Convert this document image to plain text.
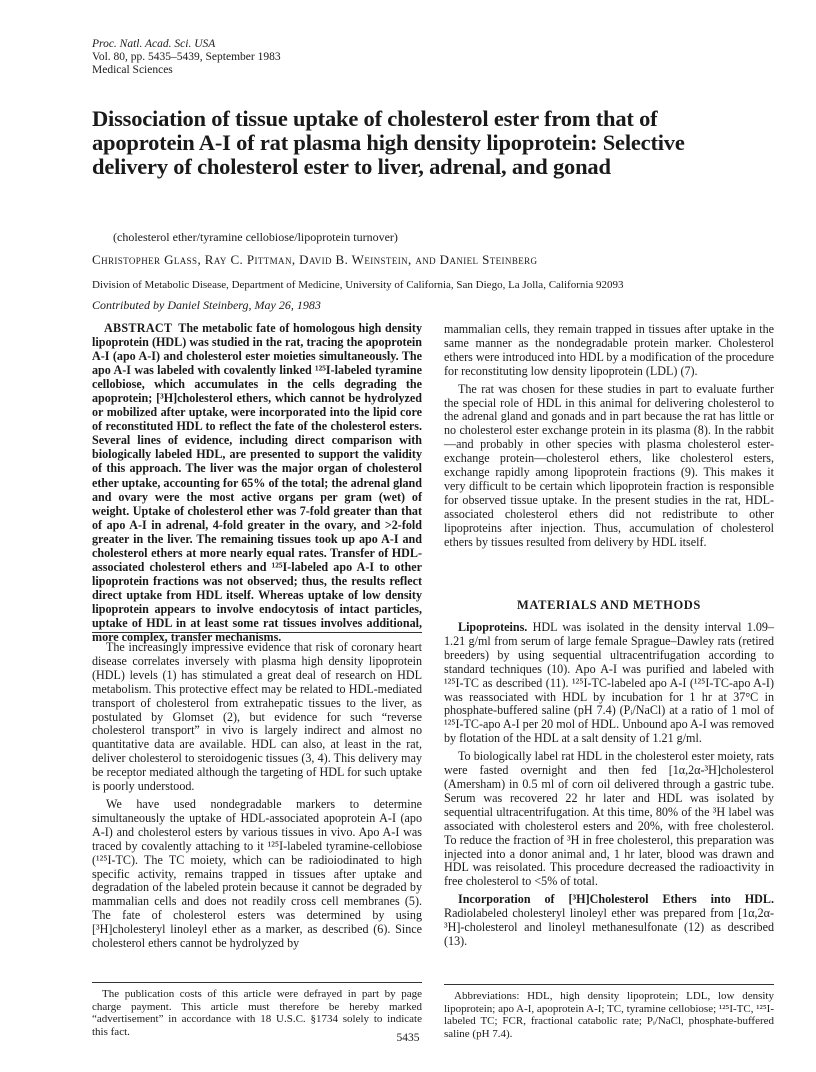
Proc. Natl. Acad. Sci. USA
Vol. 80, pp. 5435–5439, September 1983
Medical Sciences
Dissociation of tissue uptake of cholesterol ester from that of apoprotein A-I of rat plasma high density lipoprotein: Selective delivery of cholesterol ester to liver, adrenal, and gonad
(cholesterol ether/tyramine cellobiose/lipoprotein turnover)
Christopher Glass, Ray C. Pittman, David B. Weinstein, and Daniel Steinberg
Division of Metabolic Disease, Department of Medicine, University of California, San Diego, La Jolla, California 92093
Contributed by Daniel Steinberg, May 26, 1983

ABSTRACT The metabolic fate of homologous high density lipoprotein (HDL) was studied in the rat, tracing the apoprotein A-I (apo A-I) and cholesterol ester moieties simultaneously. The apo A-I was labeled with covalently linked ¹²⁵I-labeled tyramine cellobiose, which accumulates in the cells degrading the apoprotein; [³H]cholesterol ethers, which cannot be hydrolyzed or mobilized after uptake, were incorporated into the lipid core of reconstituted HDL to reflect the fate of the cholesterol esters. Several lines of evidence, including direct comparison with biologically labeled HDL, are presented to support the validity of this approach. The liver was the major organ of cholesterol ether uptake, accounting for 65% of the total; the adrenal gland and ovary were the most active organs per gram (wet) of weight. Uptake of cholesterol ether was 7-fold greater than that of apo A-I in adrenal, 4-fold greater in the ovary, and >2-fold greater in the liver. The remaining tissues took up apo A-I and cholesterol ethers at more nearly equal rates. Transfer of HDL-associated cholesterol ethers and ¹²⁵I-labeled apo A-I to other lipoprotein fractions was not observed; thus, the results reflect direct uptake from HDL itself. Whereas uptake of low density lipoprotein appears to involve endocytosis of intact particles, uptake of HDL in at least some rat tissues involves additional, more complex, transfer mechanisms.

The increasingly impressive evidence that risk of coronary heart disease correlates inversely with plasma high density lipoprotein (HDL) levels (1) has stimulated a great deal of research on HDL metabolism. This protective effect may be related to HDL-mediated transport of cholesterol from extrahepatic tissues to the liver, as postulated by Glomset (2), but evidence for such “reverse cholesterol transport” in vivo is largely indirect and almost no quantitative data are available. HDL can also, at least in the rat, deliver cholesterol to steroidogenic tissues (3, 4). This delivery may be receptor mediated although the targeting of HDL for such uptake is poorly understood.

We have used nondegradable markers to determine simultaneously the uptake of HDL-associated apoprotein A-I (apo A-I) and cholesterol esters by various tissues in vivo. Apo A-I was traced by covalently attaching to it ¹²⁵I-labeled tyramine-cellobiose (¹²⁵I-TC). The TC moiety, which can be radioiodinated to high specific activity, remains trapped in tissues after uptake and degradation of the labeled protein because it cannot be degraded by mammalian cells and does not readily cross cell membranes (5). The fate of cholesterol esters was determined by using [³H]cholesteryl linoleyl ether as a marker, as described (6). Since cholesterol ethers cannot be hydrolyzed by

mammalian cells, they remain trapped in tissues after uptake in the same manner as the nondegradable protein marker. Cholesterol ethers were introduced into HDL by a modification of the procedure for reconstituting low density lipoprotein (LDL) (7).

The rat was chosen for these studies in part to evaluate further the special role of HDL in this animal for delivering cholesterol to the adrenal gland and gonads and in part because the rat has little or no cholesterol ester exchange protein in its plasma (8). In the rabbit—and probably in other species with plasma cholesterol ester-exchange protein—cholesterol ethers, like cholesterol esters, exchange rapidly among lipoprotein fractions (9). This makes it very difficult to be certain which lipoprotein fraction is responsible for observed tissue uptake. In the present studies in the rat, HDL-associated cholesterol ethers did not redistribute to other lipoproteins after injection. Thus, accumulation of cholesterol ethers by tissues resulted from delivery by HDL itself.

MATERIALS AND METHODS

Lipoproteins. HDL was isolated in the density interval 1.09–1.21 g/ml from serum of large female Sprague–Dawley rats (retired breeders) by using sequential ultracentrifugation according to standard techniques (10). Apo A-I was purified and labeled with ¹²⁵I-TC as described (11). ¹²⁵I-TC-labeled apo A-I (¹²⁵I-TC-apo A-I) was reassociated with HDL by incubation for 1 hr at 37°C in phosphate-buffered saline (pH 7.4) (Pᵢ/NaCl) at a ratio of 1 mol of ¹²⁵I-TC-apo A-I per 20 mol of HDL. Unbound apo A-I was removed by flotation of the HDL at a salt density of 1.21 g/ml.

To biologically label rat HDL in the cholesterol ester moiety, rats were fasted overnight and then fed [1α,2α-³H]cholesterol (Amersham) in 0.5 ml of corn oil delivered through a gastric tube. Serum was recovered 22 hr later and HDL was isolated by sequential ultracentrifugation. At this time, 80% of the ³H label was associated with cholesterol esters and 20%, with free cholesterol. To reduce the fraction of ³H in free cholesterol, this preparation was injected into a donor animal and, 1 hr later, blood was drawn and HDL was reisolated. This procedure decreased the radioactivity in free cholesterol to <5% of total.

Incorporation of [³H]Cholesterol Ethers into HDL. Radiolabeled cholesteryl linoleyl ether was prepared from [1α,2α-³H]-cholesterol and linoleyl methanesulfonate (12) as described (13).

The publication costs of this article were defrayed in part by page charge payment. This article must therefore be hereby marked “advertisement” in accordance with 18 U.S.C. §1734 solely to indicate this fact.

Abbreviations: HDL, high density lipoprotein; LDL, low density lipoprotein; apo A-I, apoprotein A-I; TC, tyramine cellobiose; ¹²⁵I-TC, ¹²⁵I-labeled TC; FCR, fractional catabolic rate; Pᵢ/NaCl, phosphate-buffered saline (pH 7.4).

5435
